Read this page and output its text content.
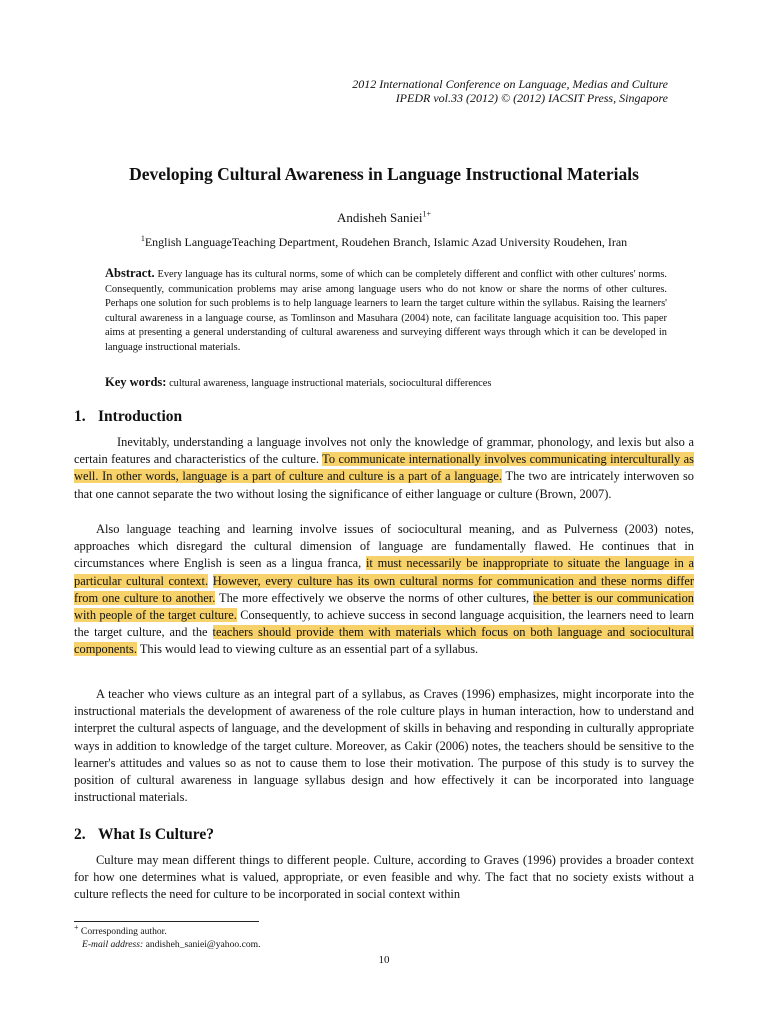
2012 International Conference on Language, Medias and Culture
IPEDR vol.33 (2012) © (2012) IACSIT Press, Singapore
Developing Cultural Awareness in Language Instructional Materials
Andisheh Saniei$^{1+}$
$^1$English LanguageTeaching Department, Roudehen Branch, Islamic Azad University Roudehen, Iran
Abstract. Every language has its cultural norms, some of which can be completely different and conflict with other cultures' norms. Consequently, communication problems may arise among language users who do not know or share the norms of other cultures. Perhaps one solution for such problems is to help language learners to learn the target culture within the syllabus. Raising the learners' cultural awareness in a language course, as Tomlinson and Masuhara (2004) note, can facilitate language acquisition too. This paper aims at presenting a general understanding of cultural awareness and surveying different ways through which it can be developed in language instructional materials.
Key words: cultural awareness, language instructional materials, sociocultural differences
1. Introduction
Inevitably, understanding a language involves not only the knowledge of grammar, phonology, and lexis but also a certain features and characteristics of the culture. To communicate internationally involves communicating interculturally as well. In other words, language is a part of culture and culture is a part of a language. The two are intricately interwoven so that one cannot separate the two without losing the significance of either language or culture (Brown, 2007).
Also language teaching and learning involve issues of sociocultural meaning, and as Pulverness (2003) notes, approaches which disregard the cultural dimension of language are fundamentally flawed. He continues that in circumstances where English is seen as a lingua franca, it must necessarily be inappropriate to situate the language in a particular cultural context. However, every culture has its own cultural norms for communication and these norms differ from one culture to another. The more effectively we observe the norms of other cultures, the better is our communication with people of the target culture. Consequently, to achieve success in second language acquisition, the learners need to learn the target culture, and the teachers should provide them with materials which focus on both language and sociocultural components. This would lead to viewing culture as an essential part of a syllabus.
A teacher who views culture as an integral part of a syllabus, as Craves (1996) emphasizes, might incorporate into the instructional materials the development of awareness of the role culture plays in human interaction, how to understand and interpret the cultural aspects of language, and the development of skills in behaving and responding in culturally appropriate ways in addition to knowledge of the target culture. Moreover, as Cakir (2006) notes, the teachers should be sensitive to the learner's attitudes and values so as not to cause them to lose their motivation. The purpose of this study is to survey the position of cultural awareness in language syllabus design and how effectively it can be incorporated into language instructional materials.
2. What Is Culture?
Culture may mean different things to different people. Culture, according to Graves (1996) provides a broader context for how one determines what is valued, appropriate, or even feasible and why. The fact that no society exists without a culture reflects the need for culture to be incorporated in social context within
+ Corresponding author.
E-mail address: andisheh_saniei@yahoo.com.
10
